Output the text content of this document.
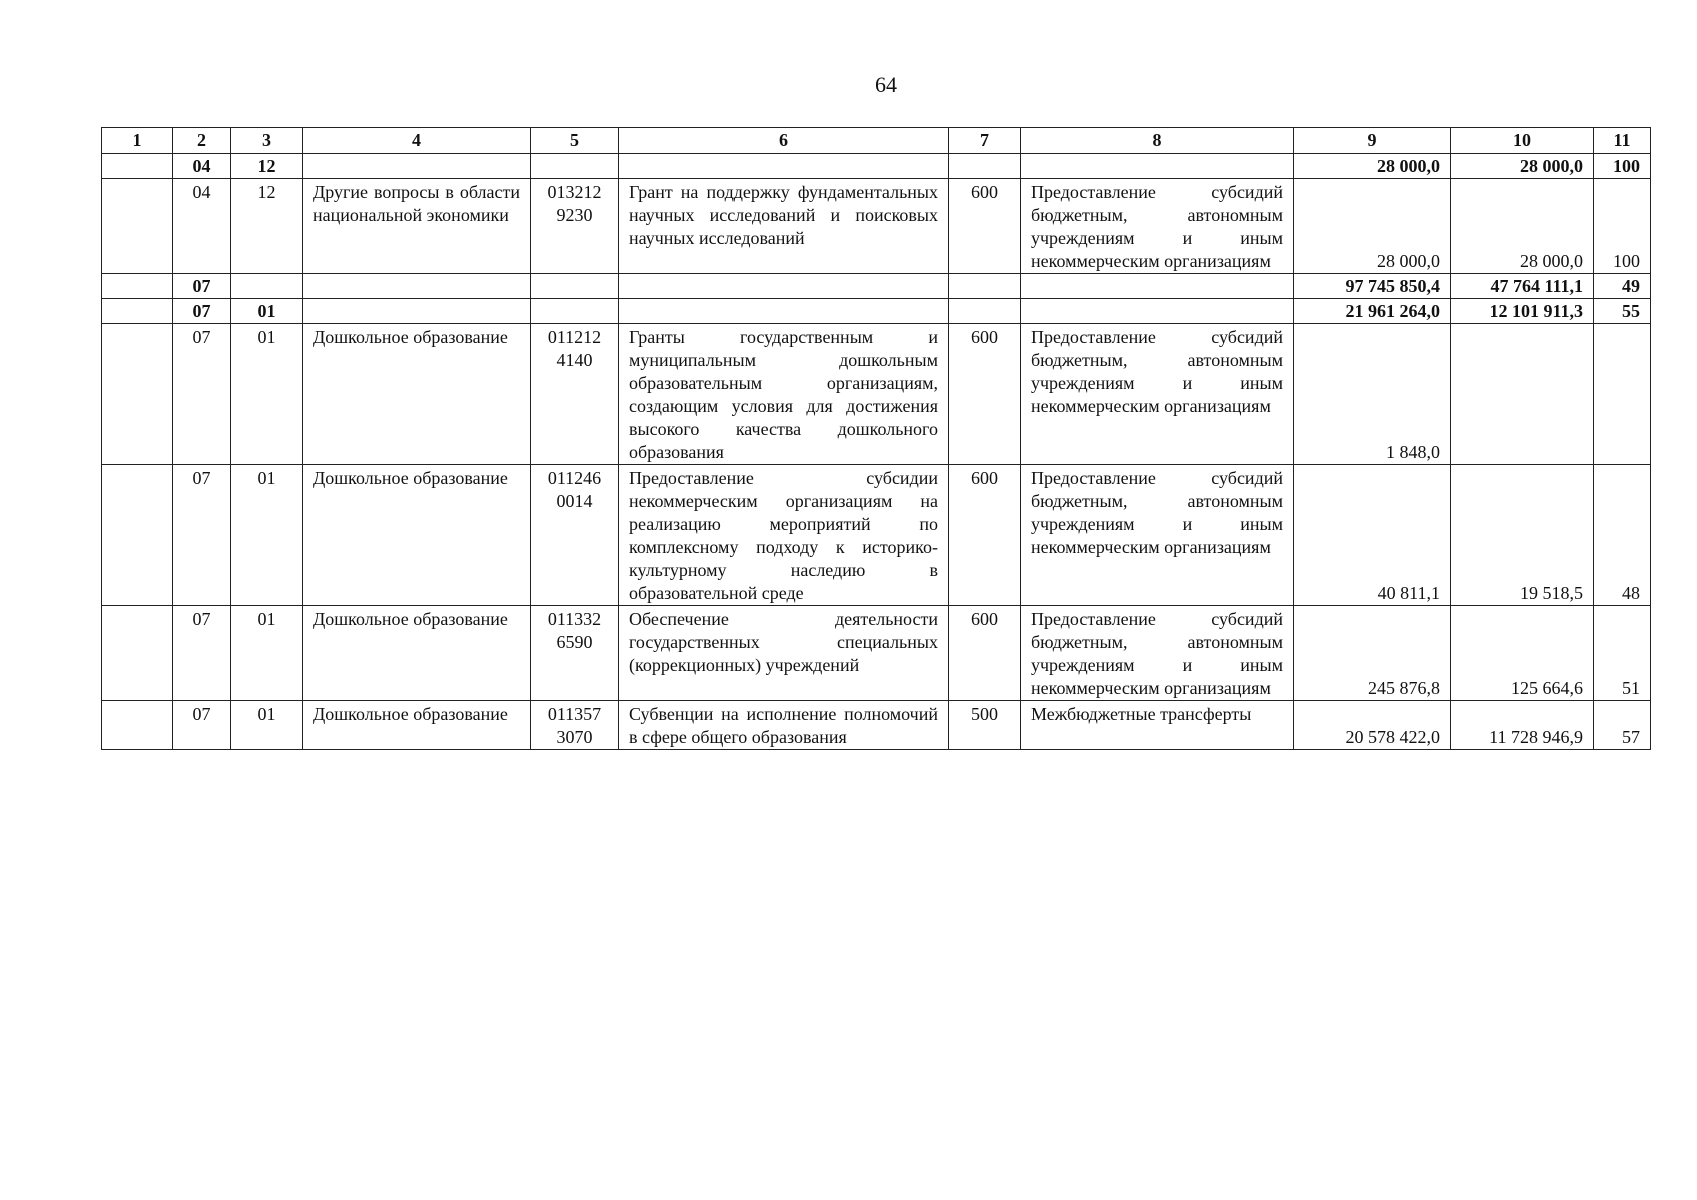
64
1	2	3	4	5	6	7	8	9	10	11
	04	12						28 000,0	28 000,0	100
	04	12	Другие вопросы в области национальной экономики	013212 9230	Грант на поддержку фундаментальных научных исследований и поисковых научных исследований	600	Предоставление субсидий бюджетным, автономным учреждениям и иным некоммерческим организациям	28 000,0	28 000,0	100
	07							97 745 850,4	47 764 111,1	49
	07	01						21 961 264,0	12 101 911,3	55
	07	01	Дошкольное образование	011212 4140	Гранты государственным и муниципальным дошкольным образовательным организациям, создающим условия для достижения высокого качества дошкольного образования	600	Предоставление субсидий бюджетным, автономным учреждениям и иным некоммерческим организациям	1 848,0		
	07	01	Дошкольное образование	011246 0014	Предоставление субсидии некоммерческим организациям на реализацию мероприятий по комплексному подходу к историко-культурному наследию в образовательной среде	600	Предоставление субсидий бюджетным, автономным учреждениям и иным некоммерческим организациям	40 811,1	19 518,5	48
	07	01	Дошкольное образование	011332 6590	Обеспечение деятельности государственных специальных (коррекционных) учреждений	600	Предоставление субсидий бюджетным, автономным учреждениям и иным некоммерческим организациям	245 876,8	125 664,6	51
	07	01	Дошкольное образование	011357 3070	Субвенции на исполнение полномочий в сфере общего образования	500	Межбюджетные трансферты	20 578 422,0	11 728 946,9	57
